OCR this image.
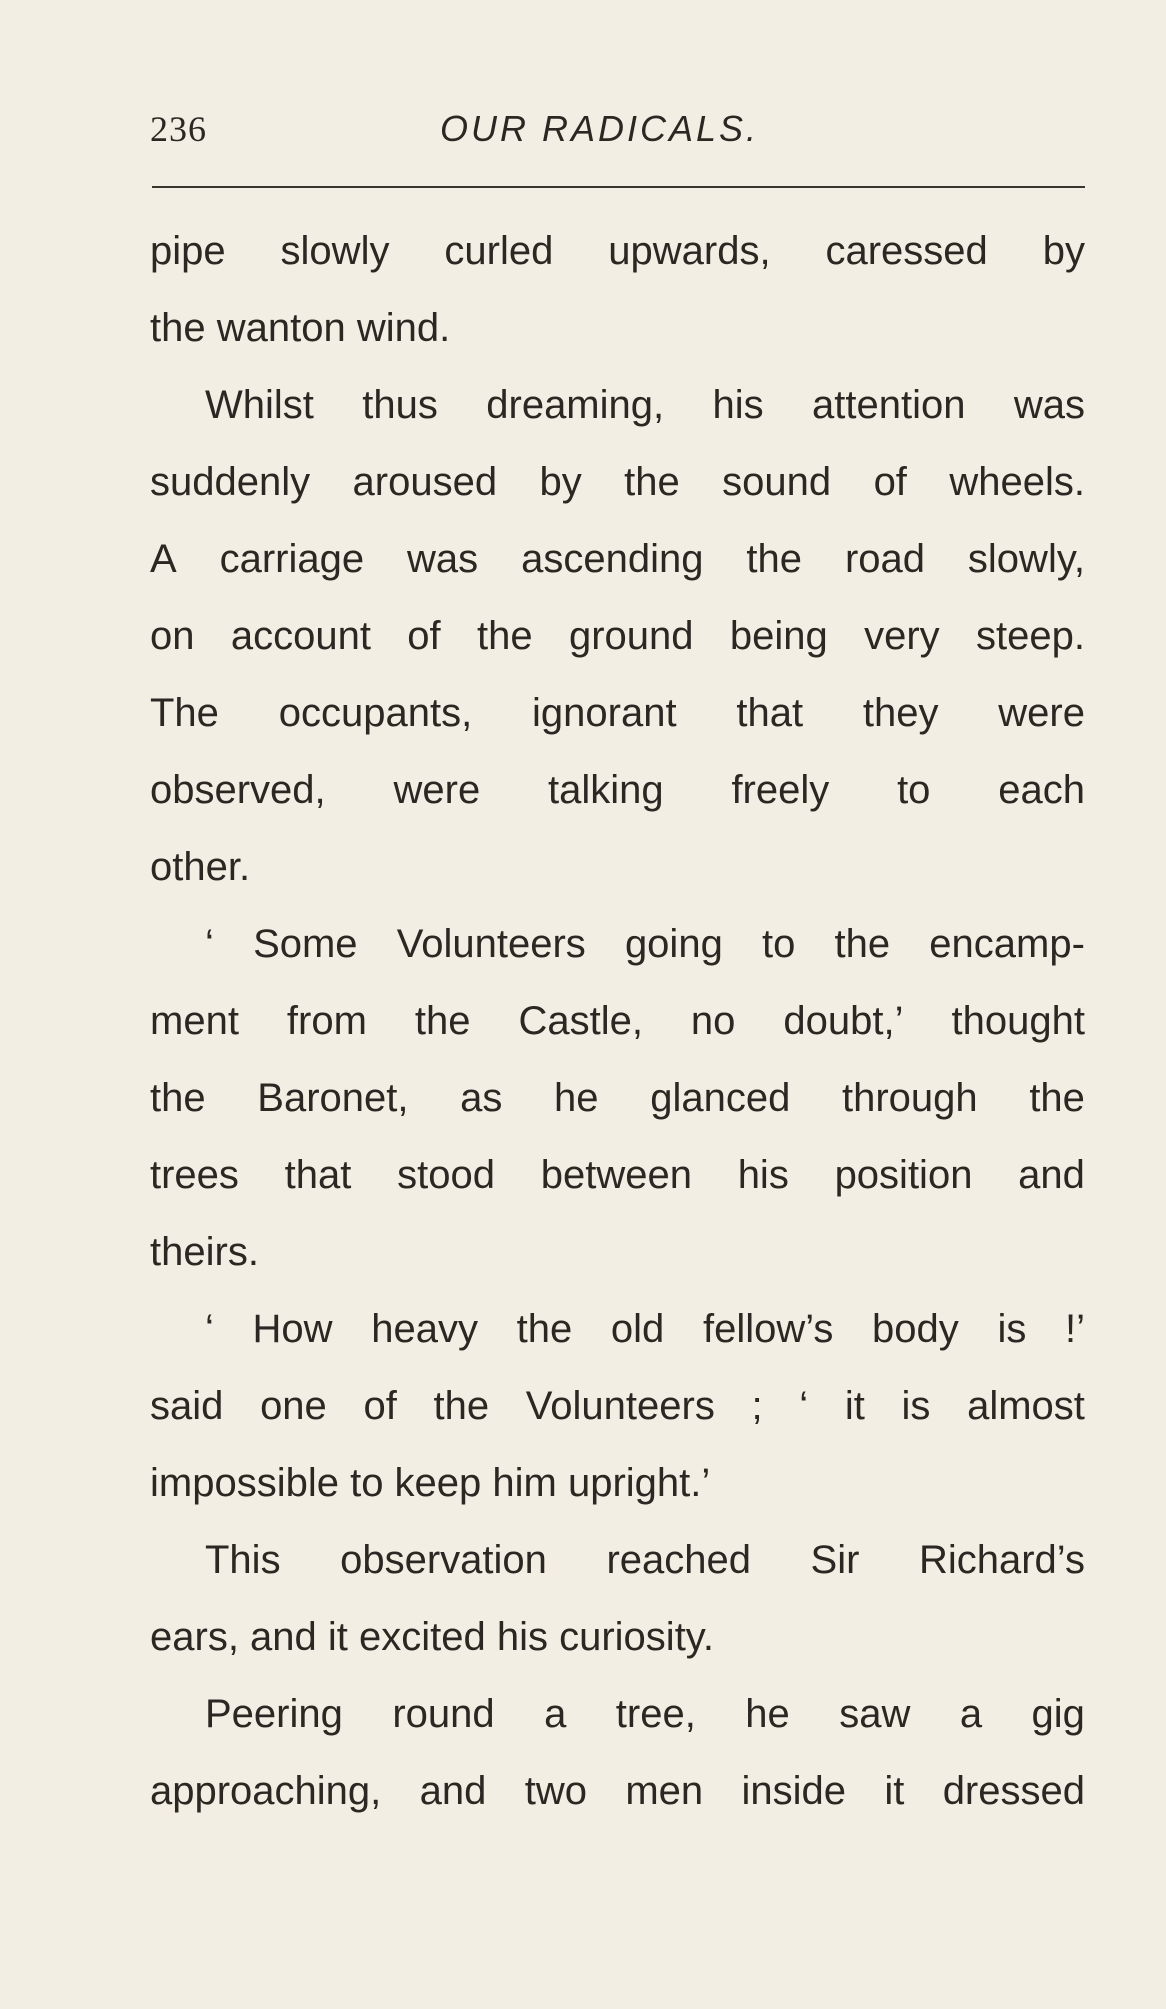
236	OUR RADICALS.
pipe slowly curled upwards, caressed by
the wanton wind.
Whilst thus dreaming, his attention was
suddenly aroused by the sound of wheels.
A carriage was ascending the road slowly,
on account of the ground being very steep.
The occupants, ignorant that they were
observed, were talking freely to each
other.
‘ Some Volunteers going to the encamp-
ment from the Castle, no doubt,’ thought
the Baronet, as he glanced through the
trees that stood between his position and
theirs.
‘ How heavy the old fellow’s body is !’
said one of the Volunteers ; ‘ it is almost
impossible to keep him upright.’
This observation reached Sir Richard’s
ears, and it excited his curiosity.
Peering round a tree, he saw a gig
approaching, and two men inside it dressed
